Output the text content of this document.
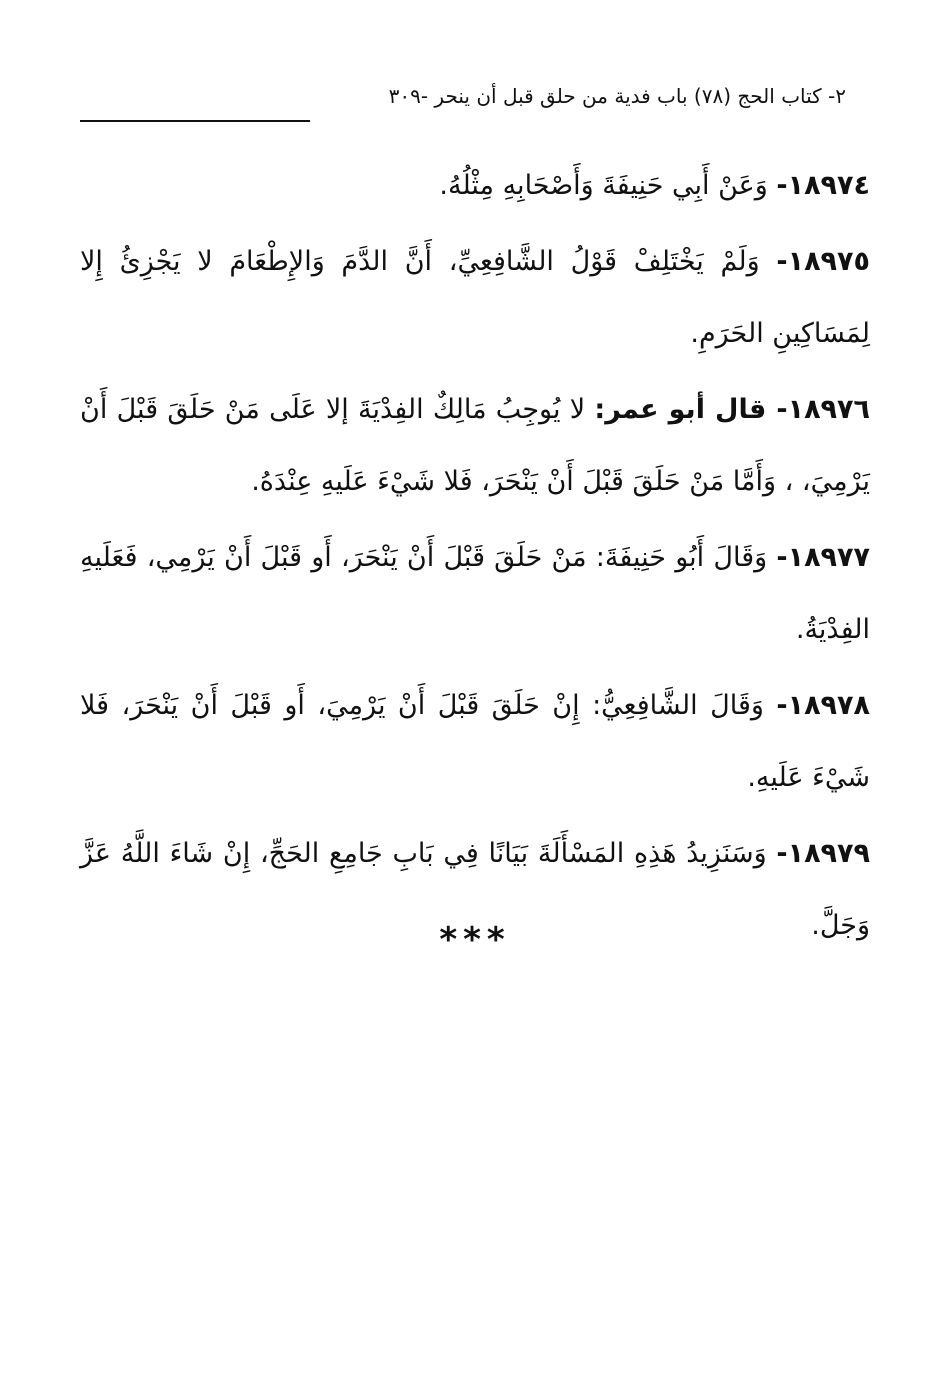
٢- كتاب الحج (٧٨) باب فدية من حلق قبل أن ينحر -٣٠٩

١٨٩٧٤- وَعَنْ أَبِي حَنِيفَةَ وَأَصْحَابِهِ مِثْلُهُ.

١٨٩٧٥- وَلَمْ يَخْتَلِفْ قَوْلُ الشَّافِعِيِّ، أَنَّ الدَّمَ وَالإِطْعَامَ لا يَجْزِئُ إِلا لِمَسَاكِينِ الحَرَمِ.

١٨٩٧٦- قال أبو عمر: لا يُوجِبُ مَالِكٌ الفِدْيَةَ إلا عَلَى مَنْ حَلَقَ قَبْلَ أَنْ يَرْمِيَ، ، وَأَمَّا مَنْ حَلَقَ قَبْلَ أَنْ يَنْحَرَ، فَلا شَيْءَ عَلَيهِ عِنْدَهُ.

١٨٩٧٧- وَقَالَ أَبُو حَنِيفَةَ: مَنْ حَلَقَ قَبْلَ أَنْ يَنْحَرَ، أَو قَبْلَ أَنْ يَرْمِي، فَعَلَيهِ الفِدْيَةُ.

١٨٩٧٨- وَقَالَ الشَّافِعِيُّ: إِنْ حَلَقَ قَبْلَ أَنْ يَرْمِيَ، أَو قَبْلَ أَنْ يَنْحَرَ، فَلا شَيْءَ عَلَيهِ.

١٨٩٧٩- وَسَنَزِيدُ هَذِهِ المَسْأَلَةَ بَيَانًا فِي بَابِ جَامِعِ الحَجِّ، إِنْ شَاءَ اللَّهُ عَزَّ وَجَلَّ.

***
